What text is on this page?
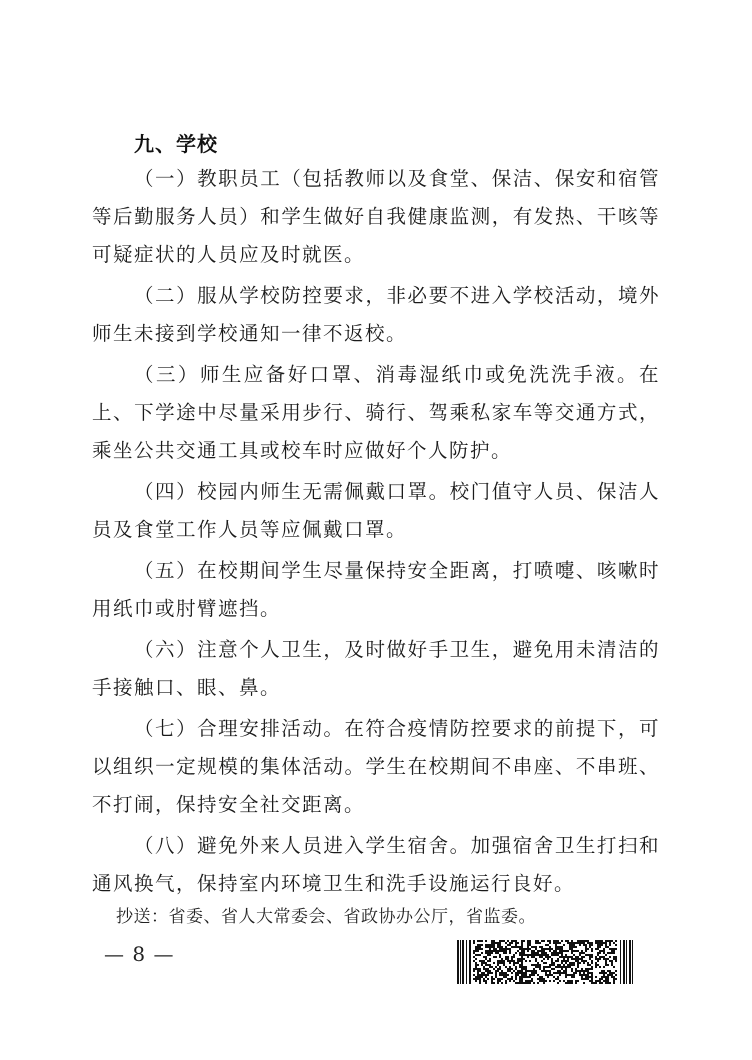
九、学校

（一）教职员工（包括教师以及食堂、保洁、保安和宿管等后勤服务人员）和学生做好自我健康监测，有发热、干咳等可疑症状的人员应及时就医。

（二）服从学校防控要求，非必要不进入学校活动，境外师生未接到学校通知一律不返校。

（三）师生应备好口罩、消毒湿纸巾或免洗洗手液。在上、下学途中尽量采用步行、骑行、驾乘私家车等交通方式，乘坐公共交通工具或校车时应做好个人防护。

（四）校园内师生无需佩戴口罩。校门值守人员、保洁人员及食堂工作人员等应佩戴口罩。

（五）在校期间学生尽量保持安全距离，打喷嚏、咳嗽时用纸巾或肘臂遮挡。

（六）注意个人卫生，及时做好手卫生，避免用未清洁的手接触口、眼、鼻。

（七）合理安排活动。在符合疫情防控要求的前提下，可以组织一定规模的集体活动。学生在校期间不串座、不串班、不打闹，保持安全社交距离。

（八）避免外来人员进入学生宿舍。加强宿舍卫生打扫和通风换气，保持室内环境卫生和洗手设施运行良好。

抄送：省委、省人大常委会、省政协办公厅，省监委。
— 8 —
